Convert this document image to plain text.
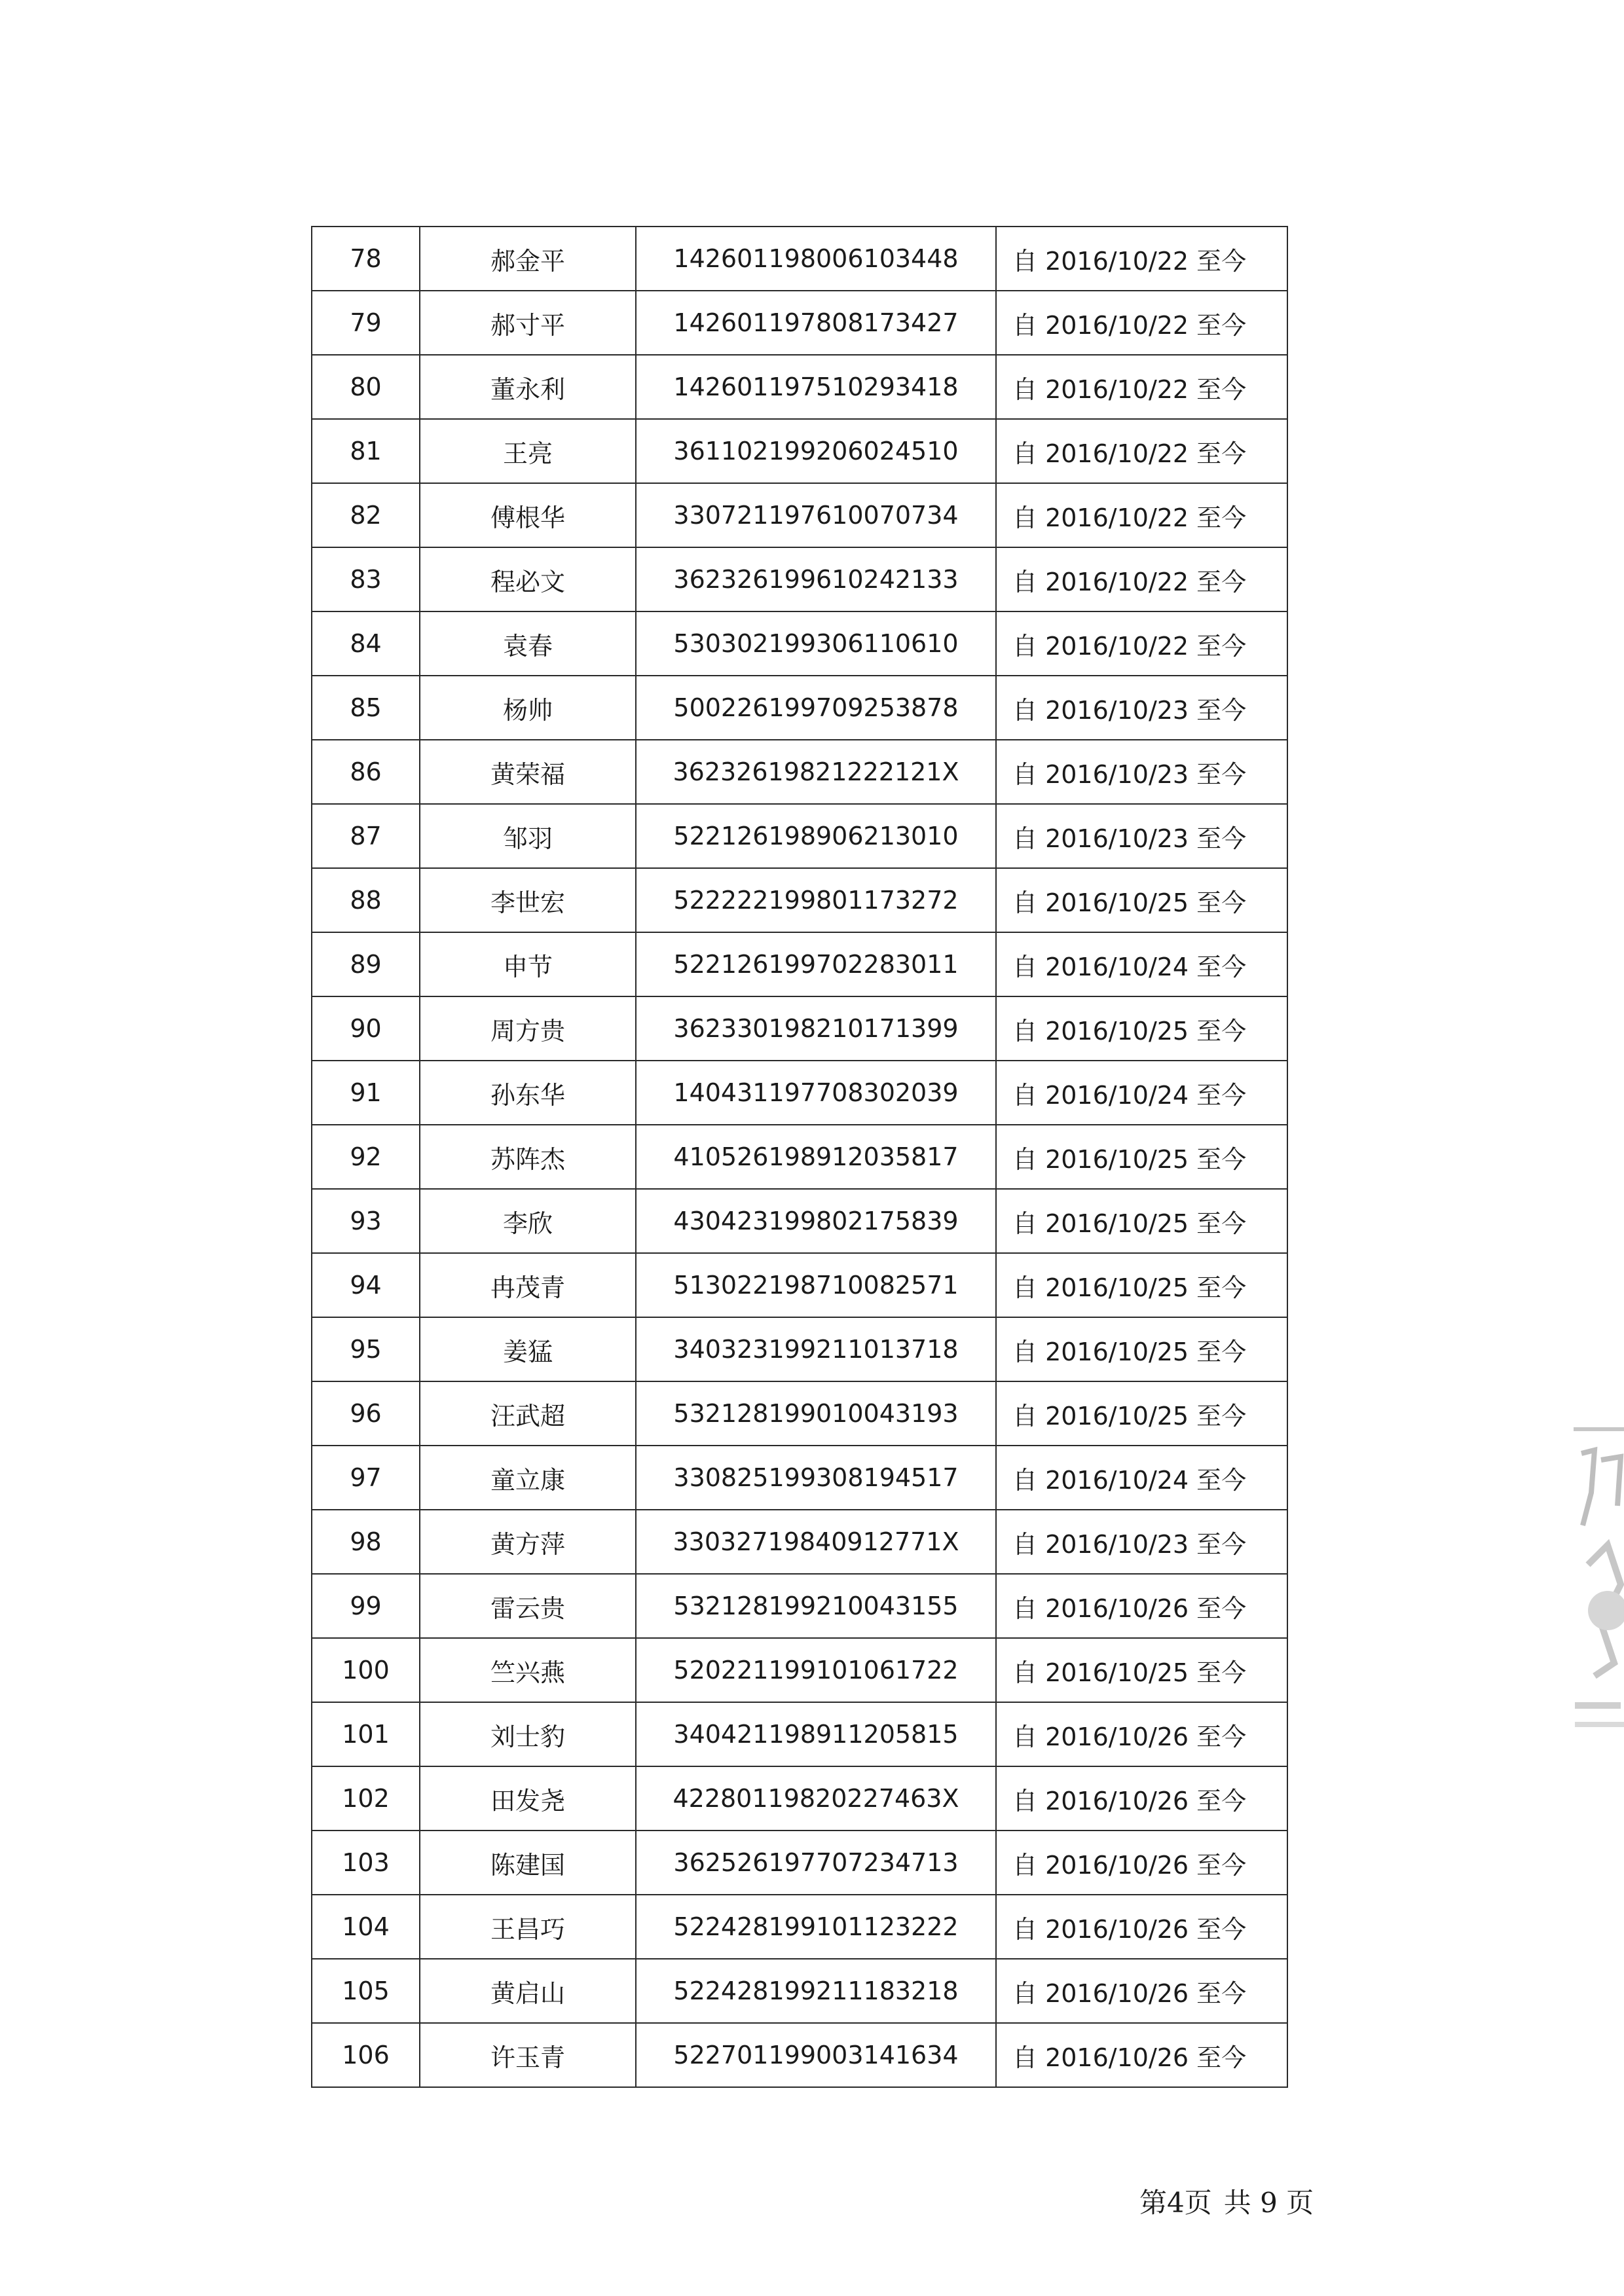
78	郝金平	142601198006103448	自 2016/10/22 至今
79	郝寸平	142601197808173427	自 2016/10/22 至今
80	董永利	142601197510293418	自 2016/10/22 至今
81	王亮	361102199206024510	自 2016/10/22 至今
82	傅根华	330721197610070734	自 2016/10/22 至今
83	程必文	362326199610242133	自 2016/10/22 至今
84	袁春	530302199306110610	自 2016/10/22 至今
85	杨帅	500226199709253878	自 2016/10/23 至今
86	黄荣福	36232619821222121X	自 2016/10/23 至今
87	邹羽	522126198906213010	自 2016/10/23 至今
88	李世宏	522222199801173272	自 2016/10/25 至今
89	申节	522126199702283011	自 2016/10/24 至今
90	周方贵	362330198210171399	自 2016/10/25 至今
91	孙东华	140431197708302039	自 2016/10/24 至今
92	苏阵杰	410526198912035817	自 2016/10/25 至今
93	李欣	430423199802175839	自 2016/10/25 至今
94	冉茂青	513022198710082571	自 2016/10/25 至今
95	姜猛	340323199211013718	自 2016/10/25 至今
96	汪武超	532128199010043193	自 2016/10/25 至今
97	童立康	330825199308194517	自 2016/10/24 至今
98	黄方萍	33032719840912771X	自 2016/10/23 至今
99	雷云贵	532128199210043155	自 2016/10/26 至今
100	竺兴燕	520221199101061722	自 2016/10/25 至今
101	刘士豹	340421198911205815	自 2016/10/26 至今
102	田发尧	42280119820227463X	自 2016/10/26 至今
103	陈建国	362526197707234713	自 2016/10/26 至今
104	王昌巧	522428199101123222	自 2016/10/26 至今
105	黄启山	522428199211183218	自 2016/10/26 至今
106	许玉青	522701199003141634	自 2016/10/26 至今
第4页 共 9 页
